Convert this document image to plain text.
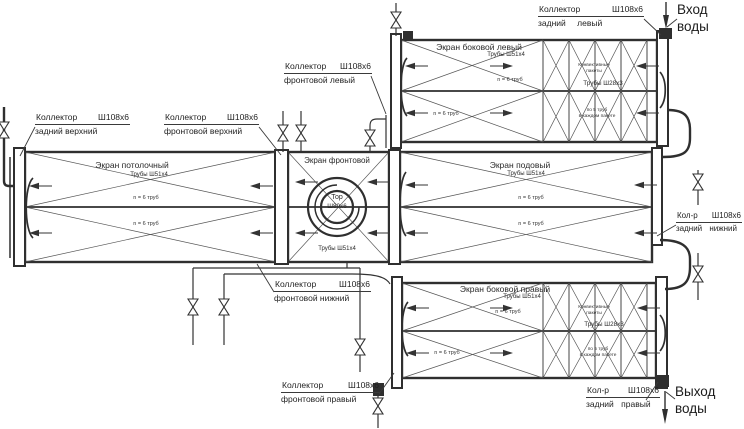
Коллектор Ш108х6
задний верхний
Коллектор Ш108х6
фронтовой верхний
Коллектор Ш108х6
фронтовой левый
Коллектор	Ш108х6
задний левый
Коллектор	Ш108х6
фронтовой нижний
Коллектор	Ш108х6
фронтовой правый
Кол-р Ш108х6
задний нижний
Кол-р Ш108х6
задний правый
Вход
воды
Выход
воды
Экран боковой левый
Трубы Ш51х4
n = 6 труб
n = 6 труб
Экран потолочный
Трубы Ш51х4
n = 6 труб
n = 6 труб
Экран фронтовой
Тор
Ш89х6
Трубы Ш51х4
Экран подовый
Трубы Ш51х4
n = 6 труб
n = 6 труб
Экран боковой правый
Трубы Ш51х4
n = 6 труб
n = 6 труб
Конвективные
пакеты
Трубы Ш28х3
по 5 труб
в каждом пакете
Конвективные
пакеты
Трубы Ш28х3
по 5 труб
в каждом пакете
